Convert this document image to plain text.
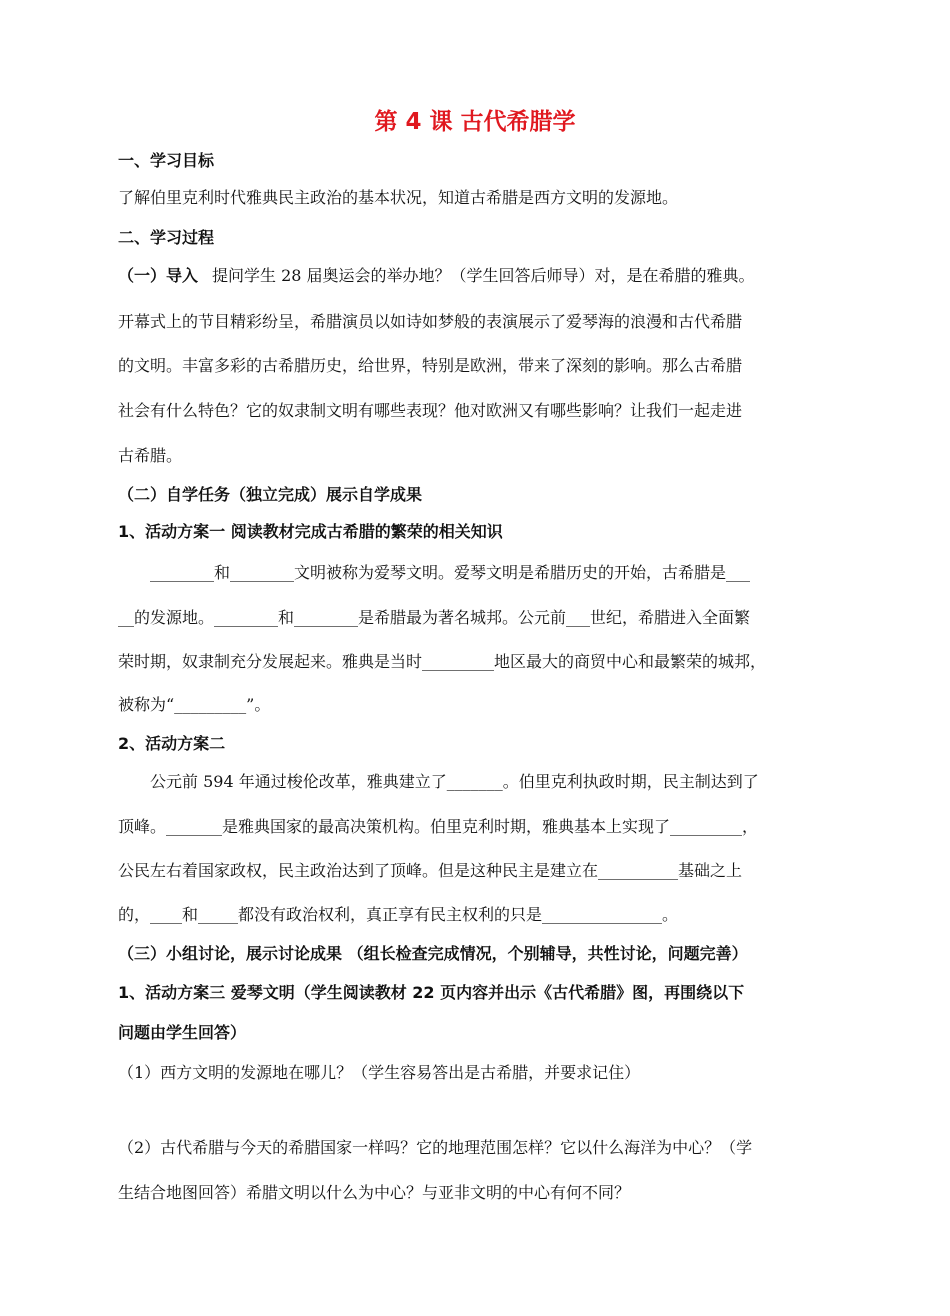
第 4 课 古代希腊学
一、学习目标
了解伯里克利时代雅典民主政治的基本状况，知道古希腊是西方文明的发源地。
二、学习过程
（一）导入 提问学生 28 届奥运会的举办地？（学生回答后师导）对，是在希腊的雅典。
开幕式上的节目精彩纷呈，希腊演员以如诗如梦般的表演展示了爱琴海的浪漫和古代希腊
的文明。丰富多彩的古希腊历史，给世界，特别是欧洲，带来了深刻的影响。那么古希腊
社会有什么特色？它的奴隶制文明有哪些表现？他对欧洲又有哪些影响？让我们一起走进
古希腊。
（二）自学任务（独立完成）展示自学成果
1、活动方案一 阅读教材完成古希腊的繁荣的相关知识
________和________文明被称为爱琴文明。爱琴文明是希腊历史的开始，古希腊是___
__的发源地。________和________是希腊最为著名城邦。公元前___世纪，希腊进入全面繁
荣时期，奴隶制充分发展起来。雅典是当时_________地区最大的商贸中心和最繁荣的城邦，
被称为“_________”。
2、活动方案二
公元前 594 年通过梭伦改革，雅典建立了_______。伯里克利执政时期，民主制达到了
顶峰。_______是雅典国家的最高决策机构。伯里克利时期，雅典基本上实现了_________，
公民左右着国家政权，民主政治达到了顶峰。但是这种民主是建立在__________基础之上
的，____和_____都没有政治权利，真正享有民主权利的只是_______________。
（三）小组讨论，展示讨论成果 （组长检查完成情况，个别辅导，共性讨论，问题完善）
1、活动方案三 爱琴文明（学生阅读教材 22 页内容并出示《古代希腊》图，再围绕以下
问题由学生回答）
（1）西方文明的发源地在哪儿？（学生容易答出是古希腊，并要求记住）
（2）古代希腊与今天的希腊国家一样吗？它的地理范围怎样？它以什么海洋为中心？（学
生结合地图回答）希腊文明以什么为中心？与亚非文明的中心有何不同？
